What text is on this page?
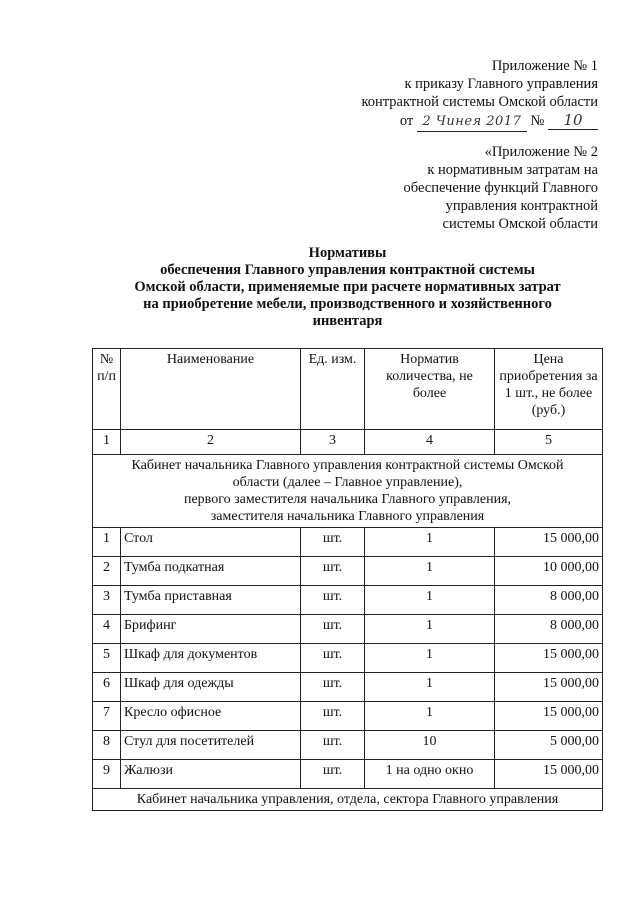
Приложение № 1
к приказу Главного управления
контрактной системы Омской области
от 2 Чинея 2017 № 10
«Приложение № 2
к нормативным затратам на
обеспечение функций Главного
управления контрактной
системы Омской области
Нормативы
обеспечения Главного управления контрактной системы
Омской области, применяемые при расчете нормативных затрат
на приобретение мебели, производственного и хозяйственного
инвентаря
№ п/п	Наименование	Ед. изм.	Норматив количества, не более	Цена приобретения за 1 шт., не более (руб.)
1	2	3	4	5

Кабинет начальника Главного управления контрактной системы Омской
области (далее – Главное управление),
первого заместителя начальника Главного управления,
заместителя начальника Главного управления				

1	Стол	шт.	1	15 000,00
2	Тумба подкатная	шт.	1	10 000,00
3	Тумба приставная	шт.	1	8 000,00
4	Брифинг	шт.	1	8 000,00
5	Шкаф для документов	шт.	1	15 000,00
6	Шкаф для одежды	шт.	1	15 000,00
7	Кресло офисное	шт.	1	15 000,00
8	Стул для посетителей	шт.	10	5 000,00
9	Жалюзи	шт.	1 на одно окно	15 000,00
Кабинет начальника управления, отдела, сектора Главного управления				
